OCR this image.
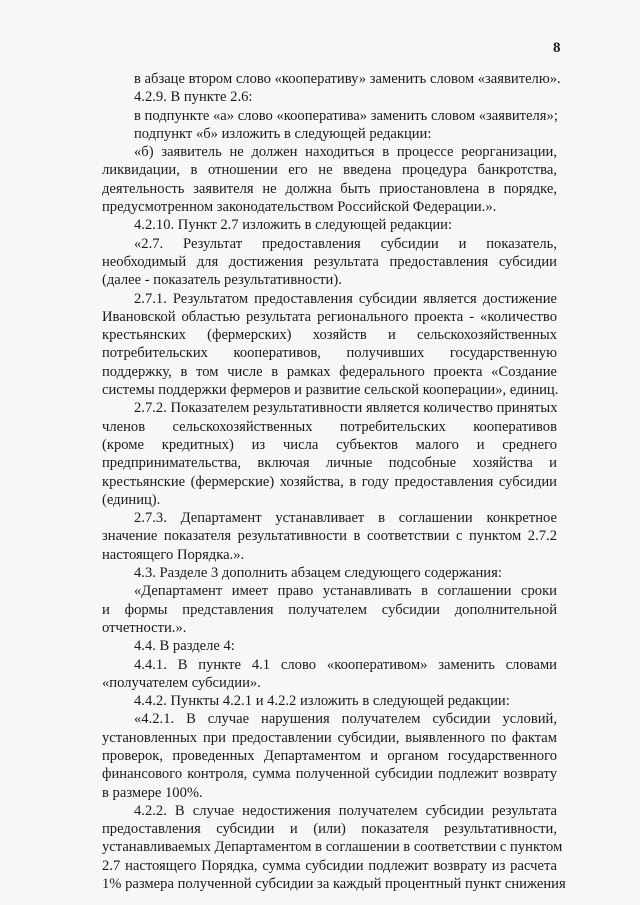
8
в абзаце втором слово «кооперативу» заменить словом «заявителю».
4.2.9. В пункте 2.6:
в подпункте «а» слово «кооператива» заменить словом «заявителя»;
подпункт «б» изложить в следующей редакции:
«б) заявитель не должен находиться в процессе реорганизации,
ликвидации, в отношении его не введена процедура банкротства,
деятельность заявителя не должна быть приостановлена в порядке,
предусмотренном законодательством Российской Федерации.».
4.2.10. Пункт 2.7 изложить в следующей редакции:
«2.7. Результат предоставления субсидии и показатель,
необходимый для достижения результата предоставления субсидии
(далее - показатель результативности).
2.7.1. Результатом предоставления субсидии является достижение
Ивановской областью результата регионального проекта - «количество
крестьянских (фермерских) хозяйств и сельскохозяйственных
потребительских кооперативов, получивших государственную
поддержку, в том числе в рамках федерального проекта «Создание
системы поддержки фермеров и развитие сельской кооперации», единиц.
2.7.2. Показателем результативности является количество принятых
членов сельскохозяйственных потребительских кооперативов
(кроме кредитных) из числа субъектов малого и среднего
предпринимательства, включая личные подсобные хозяйства и
крестьянские (фермерские) хозяйства, в году предоставления субсидии
(единиц).
2.7.3. Департамент устанавливает в соглашении конкретное
значение показателя результативности в соответствии с пунктом 2.7.2
настоящего Порядка.».
4.3. Разделе 3 дополнить абзацем следующего содержания:
«Департамент имеет право устанавливать в соглашении сроки
и формы представления получателем субсидии дополнительной
отчетности.».
4.4. В разделе 4:
4.4.1. В пункте 4.1 слово «кооперативом» заменить словами
«получателем субсидии».
4.4.2. Пункты 4.2.1 и 4.2.2 изложить в следующей редакции:
«4.2.1. В случае нарушения получателем субсидии условий,
установленных при предоставлении субсидии, выявленного по фактам
проверок, проведенных Департаментом и органом государственного
финансового контроля, сумма полученной субсидии подлежит возврату
в размере 100%.
4.2.2. В случае недостижения получателем субсидии результата
предоставления субсидии и (или) показателя результативности,
устанавливаемых Департаментом в соглашении в соответствии с пунктом
2.7 настоящего Порядка, сумма субсидии подлежит возврату из расчета
1% размера полученной субсидии за каждый процентный пункт снижения
